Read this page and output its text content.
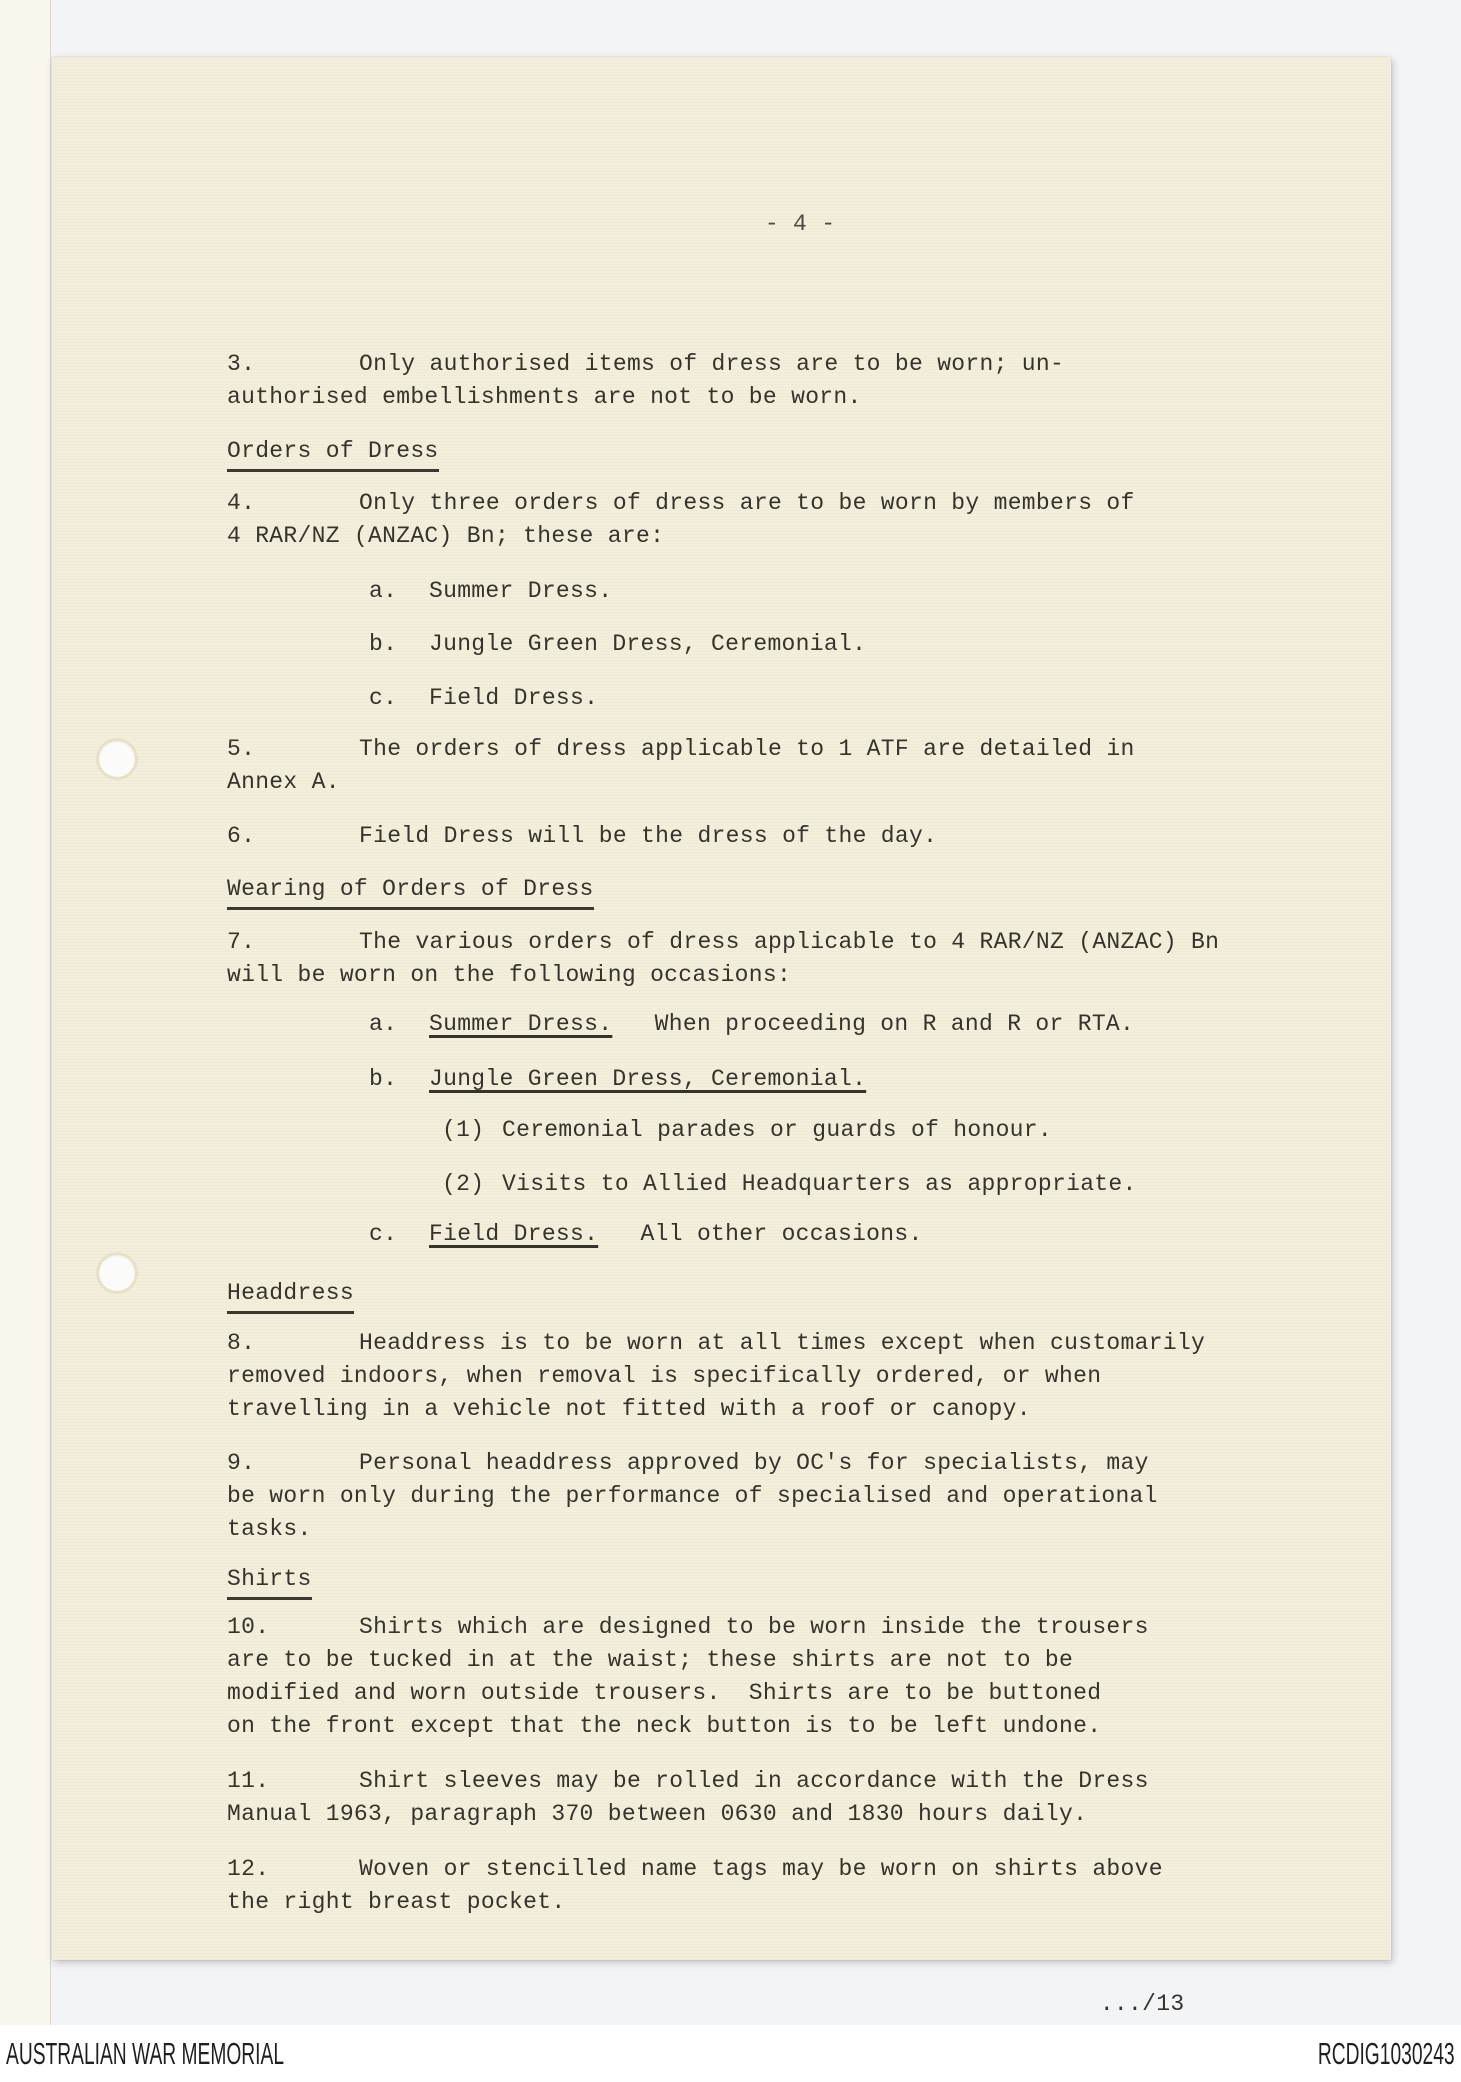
- 4 -

3.	Only authorised items of dress are to be worn; un-
authorised embellishments are not to be worn.
Orders of Dress
4.	Only three orders of dress are to be worn by members of
4 RAR/NZ (ANZAC) Bn; these are:
a. Summer Dress.
b. Jungle Green Dress, Ceremonial.
c. Field Dress.
5.	The orders of dress applicable to 1 ATF are detailed in
Annex A.
6.	Field Dress will be the dress of the day.
Wearing of Orders of Dress
7.	The various orders of dress applicable to 4 RAR/NZ (ANZAC) Bn
will be worn on the following occasions:
a. Summer Dress.   When proceeding on R and R or RTA.
b. Jungle Green Dress, Ceremonial.
(1) Ceremonial parades or guards of honour.
(2) Visits to Allied Headquarters as appropriate.
c. Field Dress.   All other occasions.
Headdress
8.	Headdress is to be worn at all times except when customarily
removed indoors, when removal is specifically ordered, or when
travelling in a vehicle not fitted with a roof or canopy.
9.	Personal headdress approved by OC's for specialists, may
be worn only during the performance of specialised and operational
tasks.
Shirts
10.	Shirts which are designed to be worn inside the trousers
are to be tucked in at the waist; these shirts are not to be
modified and worn outside trousers.  Shirts are to be buttoned
on the front except that the neck button is to be left undone.
11.	Shirt sleeves may be rolled in accordance with the Dress
Manual 1963, paragraph 370 between 0630 and 1830 hours daily.
12.	Woven or stencilled name tags may be worn on shirts above
the right breast pocket.

.../13

AUSTRALIAN WAR MEMORIAL	RCDIG1030243
